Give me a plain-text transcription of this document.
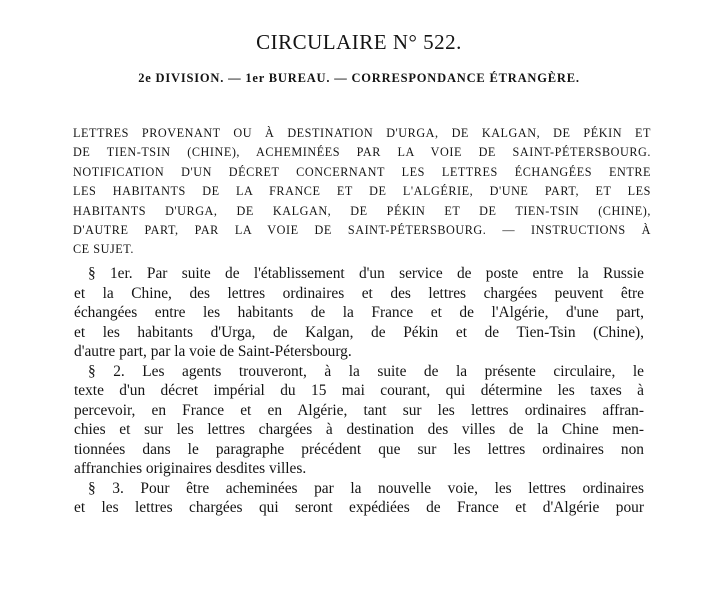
CIRCULAIRE N° 522.
2e DIVISION. — 1er BUREAU. — CORRESPONDANCE ÉTRANGÈRE.
LETTRES PROVENANT OU À DESTINATION D'URGA, DE KALGAN, DE PÉKIN ET
DE TIEN-TSIN (CHINE), ACHEMINÉES PAR LA VOIE DE SAINT-PÉTERSBOURG.
NOTIFICATION D'UN DÉCRET CONCERNANT LES LETTRES ÉCHANGÉES ENTRE
LES HABITANTS DE LA FRANCE ET DE L'ALGÉRIE, D'UNE PART, ET LES
HABITANTS D'URGA, DE KALGAN, DE PÉKIN ET DE TIEN-TSIN (CHINE),
D'AUTRE PART, PAR LA VOIE DE SAINT-PÉTERSBOURG. — INSTRUCTIONS À
CE SUJET.
§ 1er. Par suite de l'établissement d'un service de poste entre la Russie
et la Chine, des lettres ordinaires et des lettres chargées peuvent être
échangées entre les habitants de la France et de l'Algérie, d'une part,
et les habitants d'Urga, de Kalgan, de Pékin et de Tien-Tsin (Chine),
d'autre part, par la voie de Saint-Pétersbourg.
§ 2. Les agents trouveront, à la suite de la présente circulaire, le
texte d'un décret impérial du 15 mai courant, qui détermine les taxes à
percevoir, en France et en Algérie, tant sur les lettres ordinaires affran-
chies et sur les lettres chargées à destination des villes de la Chine men-
tionnées dans le paragraphe précédent que sur les lettres ordinaires non
affranchies originaires desdites villes.
§ 3. Pour être acheminées par la nouvelle voie, les lettres ordinaires
et les lettres chargées qui seront expédiées de France et d'Algérie pour
